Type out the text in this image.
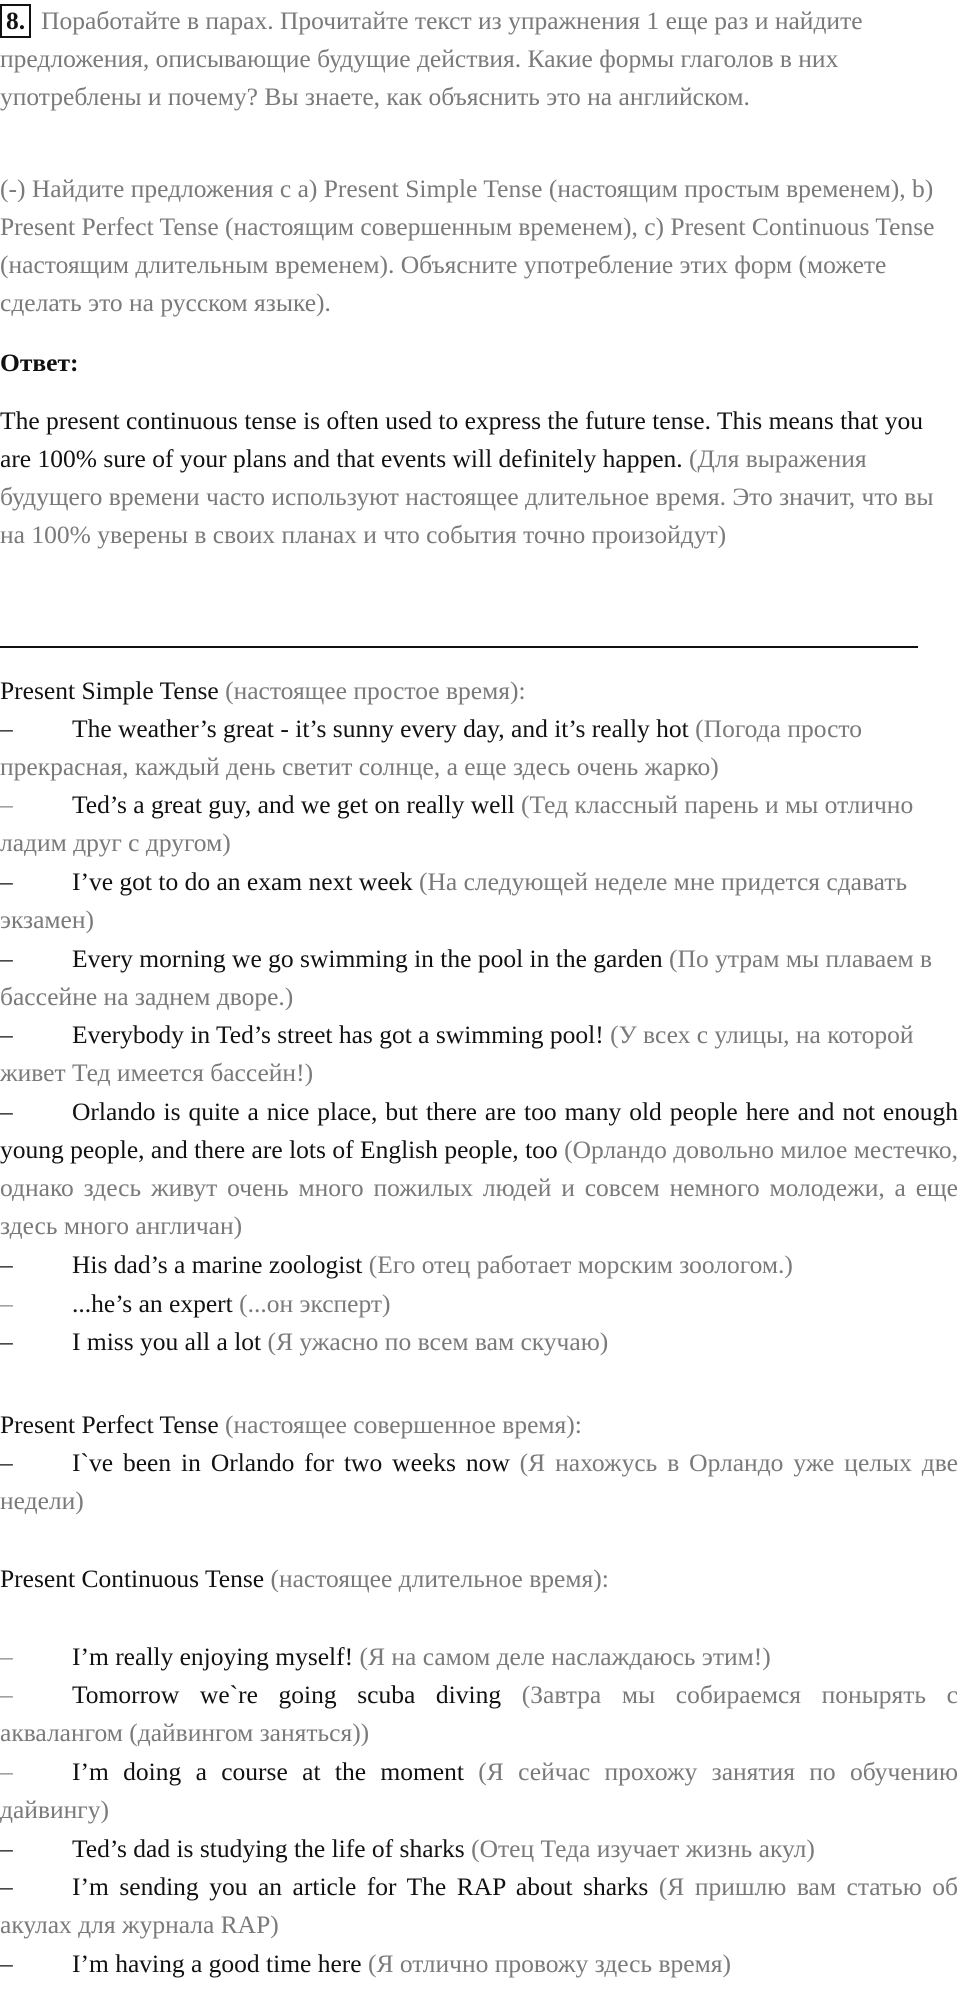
8. Поработайте в парах. Прочитайте текст из упражнения 1 еще раз и найдите предложения, описывающие будущие действия. Какие формы глаголов в них употреблены и почему? Вы знаете, как объяснить это на английском.

(-) Найдите предложения с a) Present Simple Tense (настоящим простым временем), b) Present Perfect Tense (настоящим совершенным временем), c) Present Continuous Tense (настоящим длительным временем). Объясните употребление этих форм (можете сделать это на русском языке).

Ответ:

The present continuous tense is often used to express the future tense. This means that you are 100% sure of your plans and that events will definitely happen. (Для выражения будущего времени часто используют настоящее длительное время. Это значит, что вы на 100% уверены в своих планах и что события точно произойдут)

Present Simple Tense (настоящее простое время):

– The weather’s great - it’s sunny every day, and it’s really hot (Погода просто прекрасная, каждый день светит солнце, а еще здесь очень жарко)
– Ted’s a great guy, and we get on really well (Тед классный парень и мы отлично ладим друг с другом)
– I’ve got to do an exam next week (На следующей неделе мне придется сдавать экзамен)
– Every morning we go swimming in the pool in the garden (По утрам мы плаваем в бассейне на заднем дворе.)
– Everybody in Ted’s street has got a swimming pool! (У всех с улицы, на которой живет Тед имеется бассейн!)
– Orlando is quite a nice place, but there are too many old people here and not enough young people, and there are lots of English people, too (Орландо довольно милое местечко, однако здесь живут очень много пожилых людей и совсем немного молодежи, а еще здесь много англичан)
– His dad’s a marine zoologist (Его отец работает морским зоологом.)
– ...he’s an expert (...он эксперт)
– I miss you all a lot (Я ужасно по всем вам скучаю)

Present Perfect Tense (настоящее совершенное время):

– I`ve been in Orlando for two weeks now (Я нахожусь в Орландо уже целых две недели)

Present Continuous Tense (настоящее длительное время):

– I’m really enjoying myself! (Я на самом деле наслаждаюсь этим!)
– Tomorrow we`re going scuba diving (Завтра мы собираемся понырять с аквалангом (дайвингом заняться))
– I’m doing a course at the moment (Я сейчас прохожу занятия по обучению дайвингу)
– Ted’s dad is studying the life of sharks (Отец Теда изучает жизнь акул)
– I’m sending you an article for The RAP about sharks (Я пришлю вам статью об акулах для журнала RAP)
– I’m having a good time here (Я отлично провожу здесь время)
